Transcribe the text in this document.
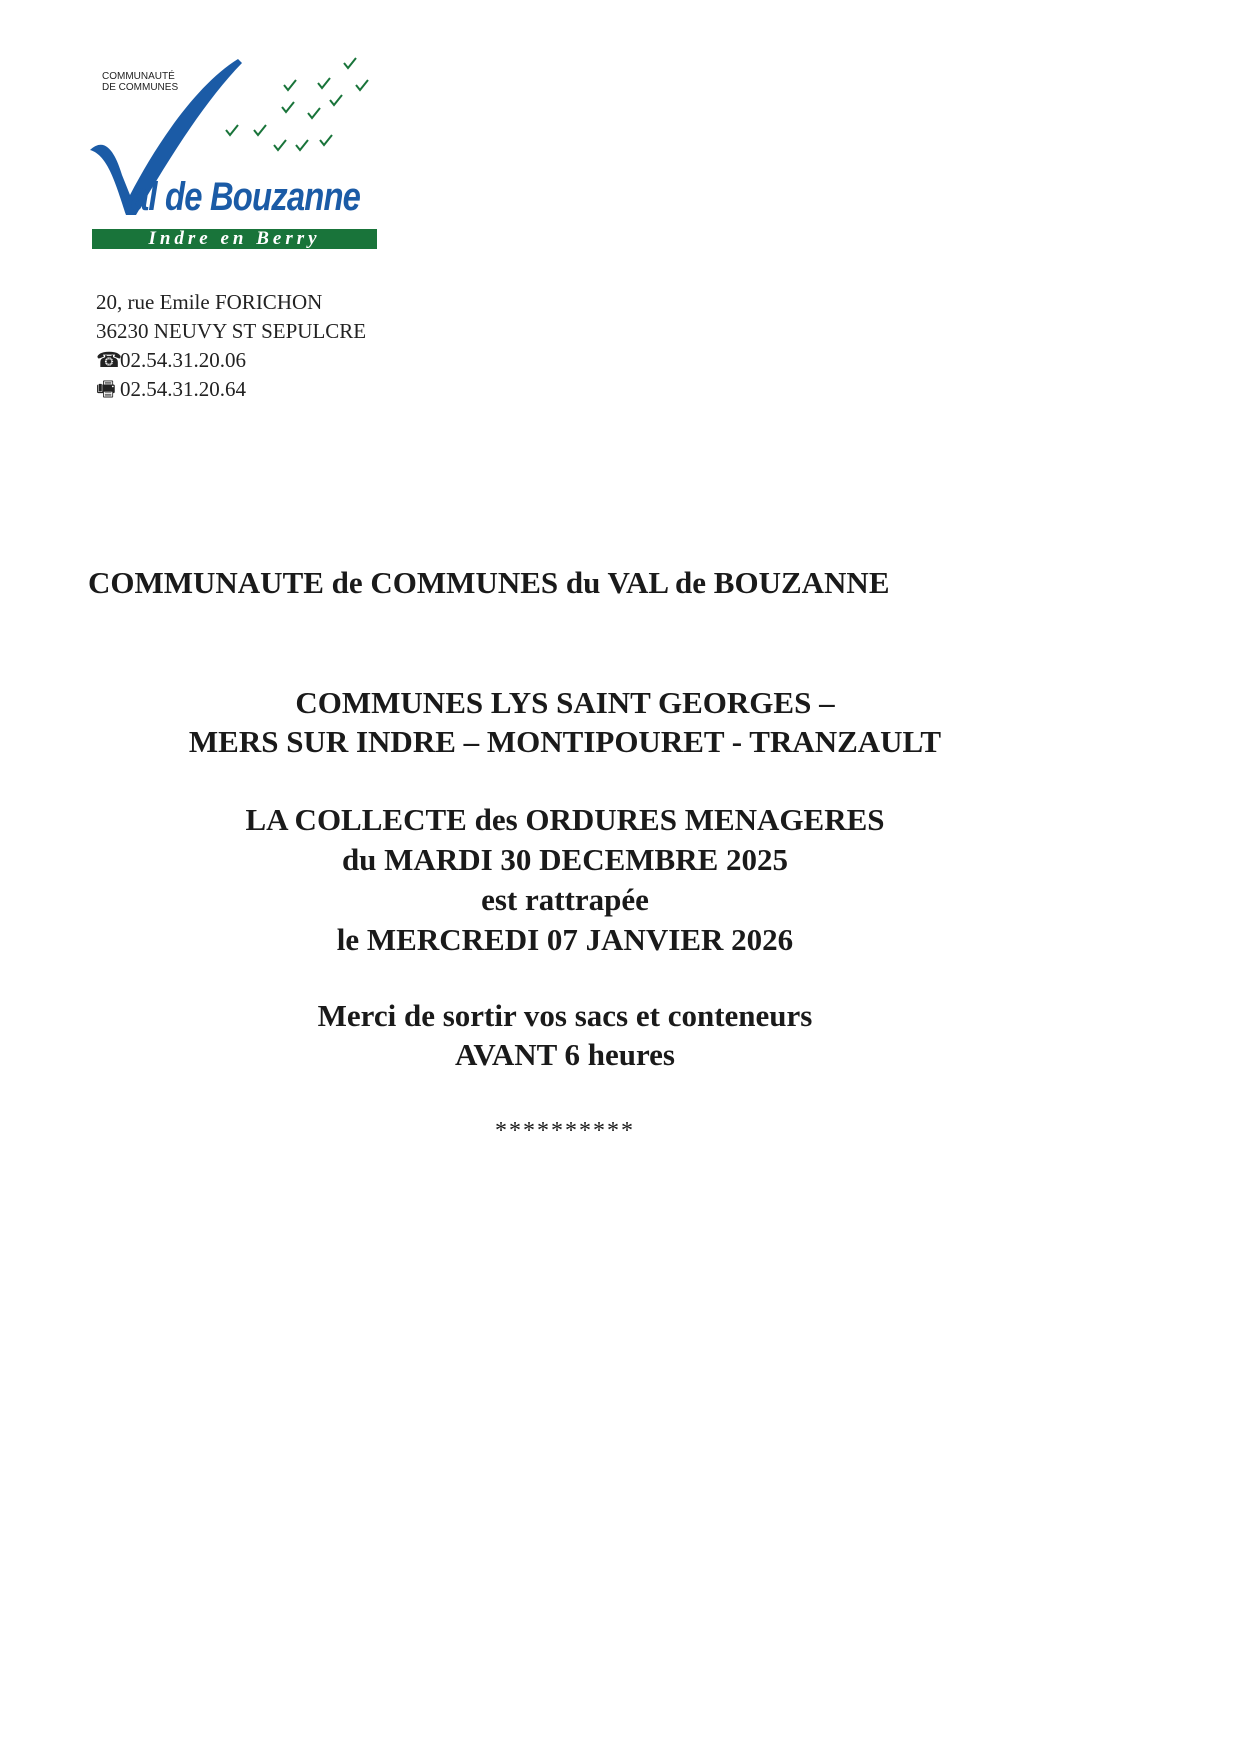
COMMUNAUTÉ
DE COMMUNES
al de Bouzanne
Indre en Berry
20, rue Emile FORICHON
36230 NEUVY ST SEPULCRE
☎02.54.31.20.06
🖷 02.54.31.20.64
COMMUNAUTE de COMMUNES du VAL de BOUZANNE
COMMUNES LYS SAINT GEORGES –
MERS SUR INDRE – MONTIPOURET - TRANZAULT
LA COLLECTE des ORDURES MENAGERES
du MARDI 30 DECEMBRE 2025
est rattrapée
le MERCREDI 07 JANVIER 2026
Merci de sortir vos sacs et conteneurs
AVANT 6 heures
**********
